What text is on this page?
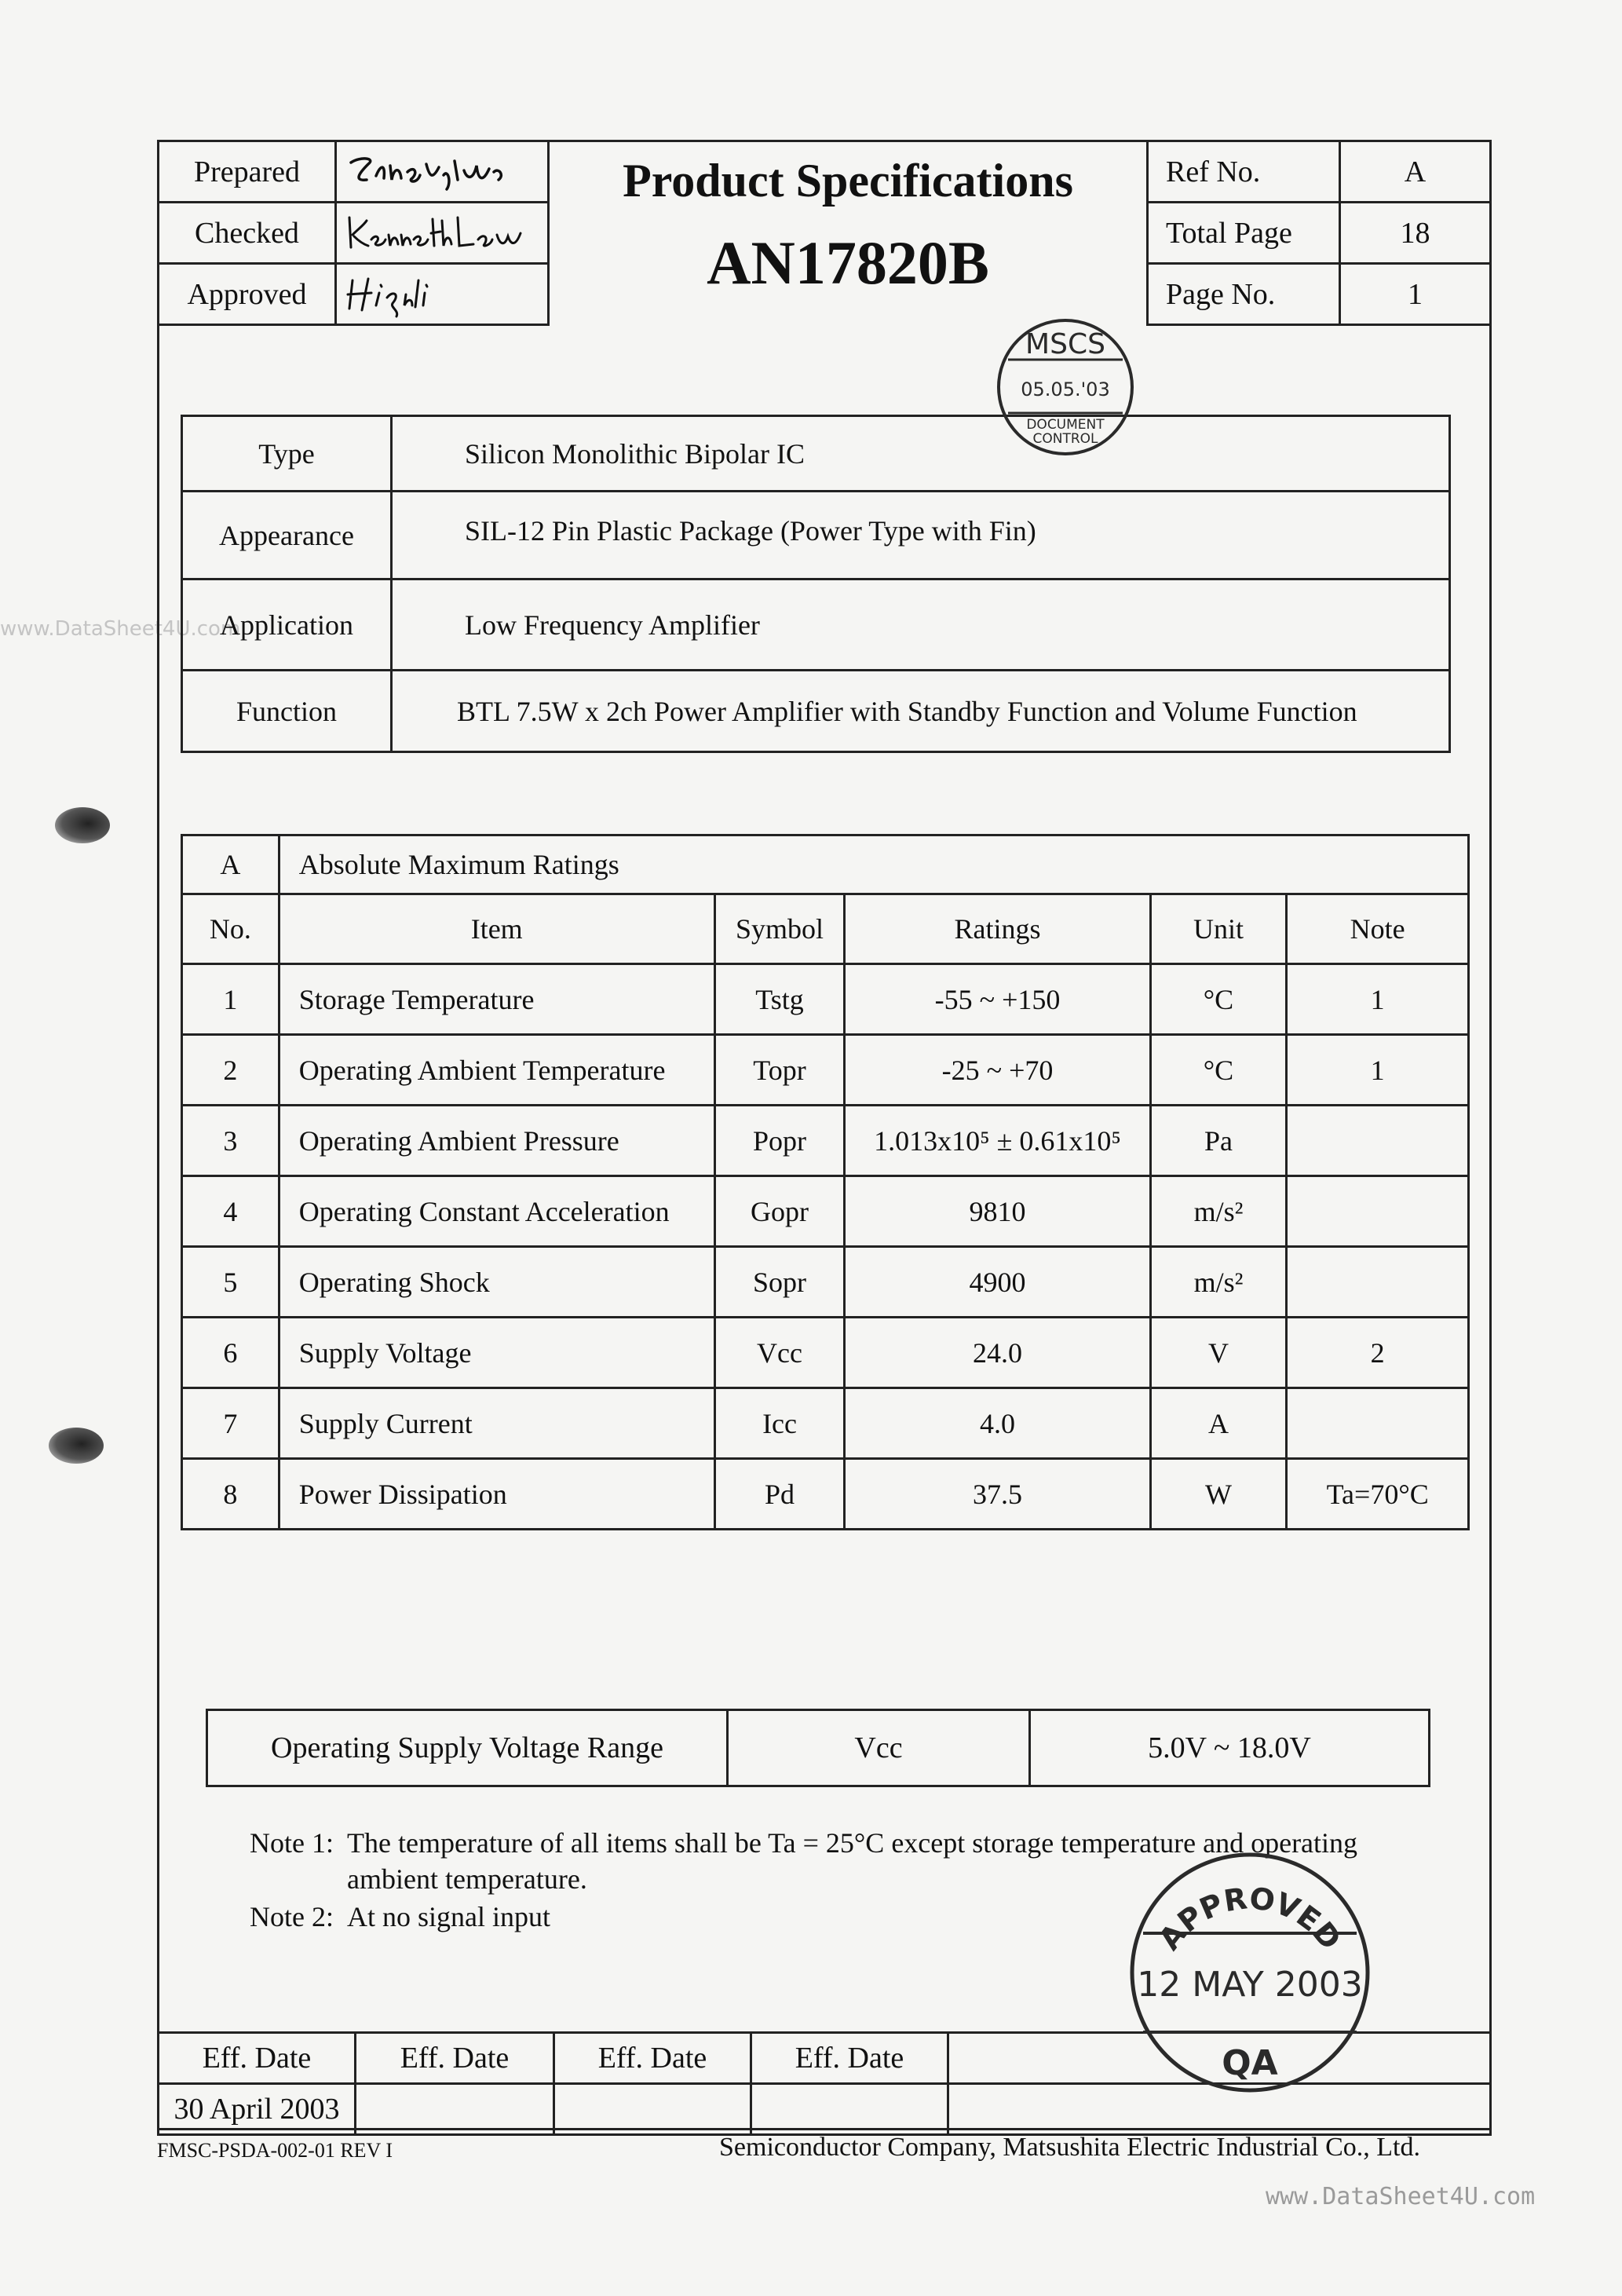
www.DataSheet4U.com
Prepared	

Checked	

Approved	
Product Specifications
AN17820B
Ref No.	A
Total Page	18
Page No.	1
Type	Silicon Monolithic Bipolar IC
Appearance	SIL-12 Pin Plastic Package (Power Type with Fin)
Application	Low Frequency Amplifier
Function	BTL 7.5W x 2ch Power Amplifier with Standby Function and Volume Function
MSCS
05.05.'03
DOCUMENT
CONTROL
A	Absolute Maximum Ratings				
No.	Item	Symbol	Ratings	Unit	Note
1	Storage Temperature	Tstg	-55 ~ +150	°C	1
2	Operating Ambient Temperature	Topr	-25 ~ +70	°C	1
3	Operating Ambient Pressure	Popr	1.013x10⁵ ± 0.61x10⁵	Pa	
4	Operating Constant Acceleration	Gopr	9810	m/s²	
5	Operating Shock	Sopr	4900	m/s²	
6	Supply Voltage	Vcc	24.0	V	2
7	Supply Current	Icc	4.0	A	
8	Power Dissipation	Pd	37.5	W	Ta=70°C
Operating Supply Voltage Range	Vcc	5.0V ~ 18.0V
Note 1: The temperature of all items shall be Ta = 25°C except storage temperature and operating
ambient temperature.
Note 2: At no signal input
Eff. Date	Eff. Date	Eff. Date	Eff. Date	
30 April 2003				
APPROVED
12 MAY 2003
QA
FMSC-PSDA-002-01 REV I	Semiconductor Company, Matsushita Electric Industrial Co., Ltd.
www.DataSheet4U.com
